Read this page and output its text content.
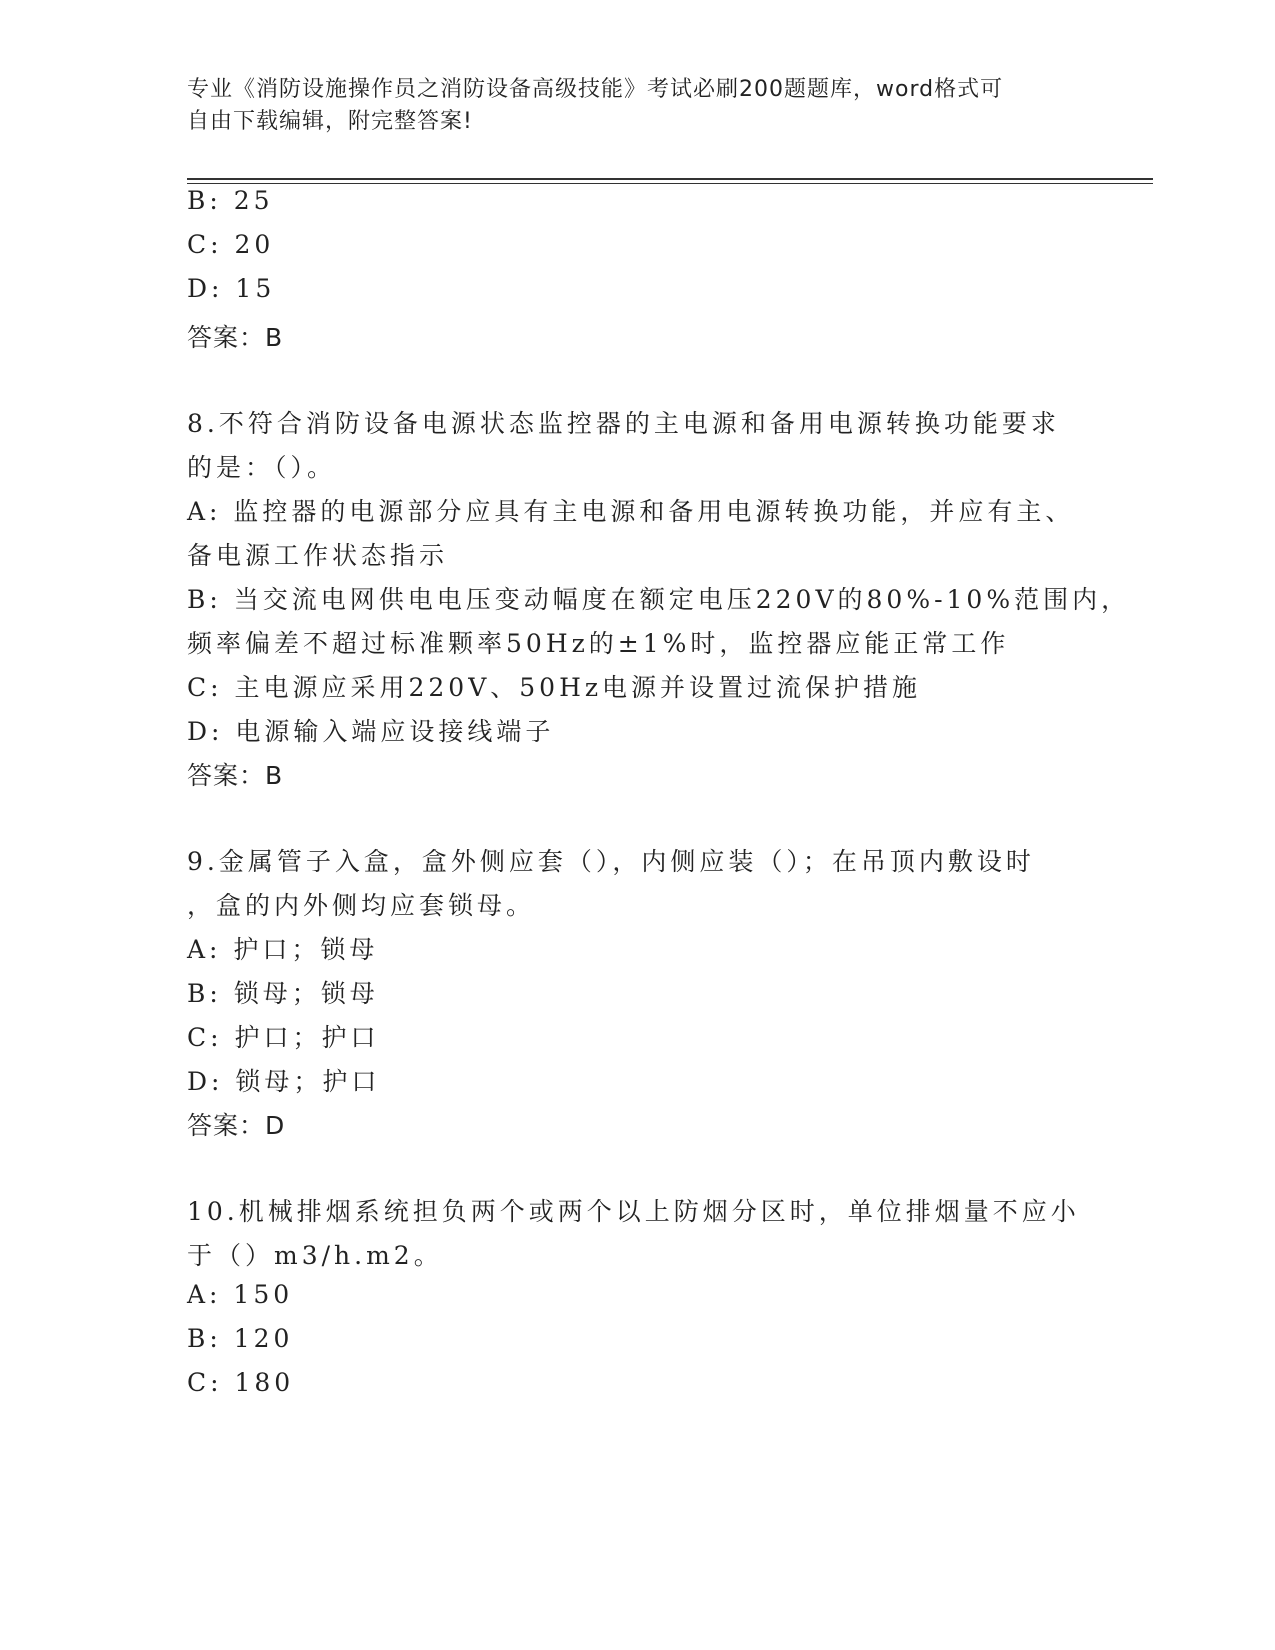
专业《消防设施操作员之消防设备高级技能》考试必刷200题题库，word格式可
自由下载编辑，附完整答案!
B: 25
C: 20
D: 15
答案：B
8.不符合消防设备电源状态监控器的主电源和备用电源转换功能要求
的是：（）。
A: 监控器的电源部分应具有主电源和备用电源转换功能，并应有主、
备电源工作状态指示
B: 当交流电网供电电压变动幅度在额定电压220V的80%-10%范围内，
频率偏差不超过标准颗率50Hz的±1%时，监控器应能正常工作
C: 主电源应采用220V、50Hz电源并设置过流保护措施
D: 电源输入端应设接线端子
答案：B
9.金属管子入盒，盒外侧应套（），内侧应装（）；在吊顶内敷设时
，盒的内外侧均应套锁母。
A: 护口；锁母
B: 锁母；锁母
C: 护口；护口
D: 锁母；护口
答案：D
10.机械排烟系统担负两个或两个以上防烟分区时，单位排烟量不应小
于（）m3/h.m2。
A: 150
B: 120
C: 180
